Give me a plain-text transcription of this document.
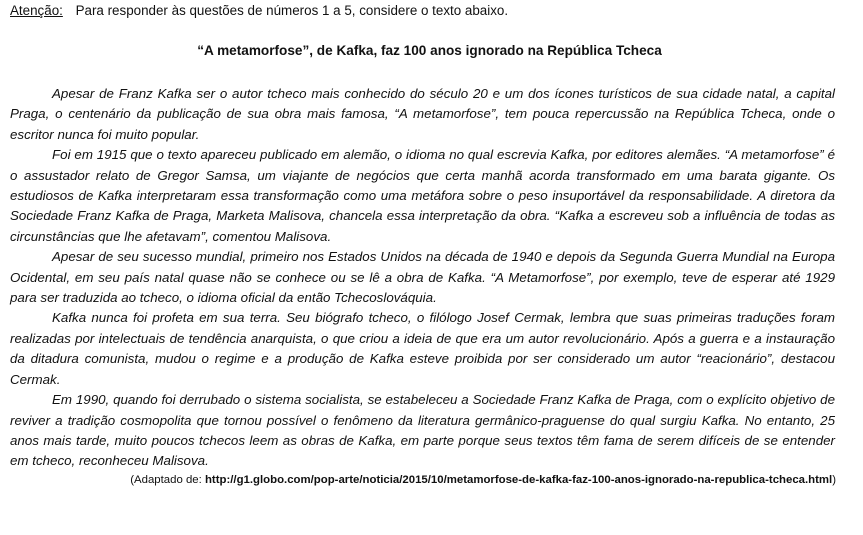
Atenção: Para responder às questões de números 1 a 5, considere o texto abaixo.

“A metamorfose”, de Kafka, faz 100 anos ignorado na República Tcheca

Apesar de Franz Kafka ser o autor tcheco mais conhecido do século 20 e um dos ícones turísticos de sua cidade natal, a capital Praga, o centenário da publicação de sua obra mais famosa, “A metamorfose”, tem pouca repercussão na República Tcheca, onde o escritor nunca foi muito popular.

Foi em 1915 que o texto apareceu publicado em alemão, o idioma no qual escrevia Kafka, por editores alemães. “A metamorfose” é o assustador relato de Gregor Samsa, um viajante de negócios que certa manhã acorda transformado em uma barata gigante. Os estudiosos de Kafka interpretaram essa transformação como uma metáfora sobre o peso insuportável da responsabilidade. A diretora da Sociedade Franz Kafka de Praga, Marketa Malisova, chancela essa interpretação da obra. “Kafka a escreveu sob a influência de todas as circunstâncias que lhe afetavam”, comentou Malisova.

Apesar de seu sucesso mundial, primeiro nos Estados Unidos na década de 1940 e depois da Segunda Guerra Mundial na Europa Ocidental, em seu país natal quase não se conhece ou se lê a obra de Kafka. “A Metamorfose”, por exemplo, teve de esperar até 1929 para ser traduzida ao tcheco, o idioma oficial da então Tchecoslováquia.

Kafka nunca foi profeta em sua terra. Seu biógrafo tcheco, o filólogo Josef Cermak, lembra que suas primeiras traduções foram realizadas por intelectuais de tendência anarquista, o que criou a ideia de que era um autor revolucionário. Após a guerra e a instauração da ditadura comunista, mudou o regime e a produção de Kafka esteve proibida por ser considerado um autor “reacionário”, destacou Cermak.

Em 1990, quando foi derrubado o sistema socialista, se estabeleceu a Sociedade Franz Kafka de Praga, com o explícito objetivo de reviver a tradição cosmopolita que tornou possível o fenômeno da literatura germânico-praguense do qual surgiu Kafka. No entanto, 25 anos mais tarde, muito poucos tchecos leem as obras de Kafka, em parte porque seus textos têm fama de serem difíceis de se entender em tcheco, reconheceu Malisova.

(Adaptado de: http://g1.globo.com/pop-arte/noticia/2015/10/metamorfose-de-kafka-faz-100-anos-ignorado-na-republica-tcheca.html)
